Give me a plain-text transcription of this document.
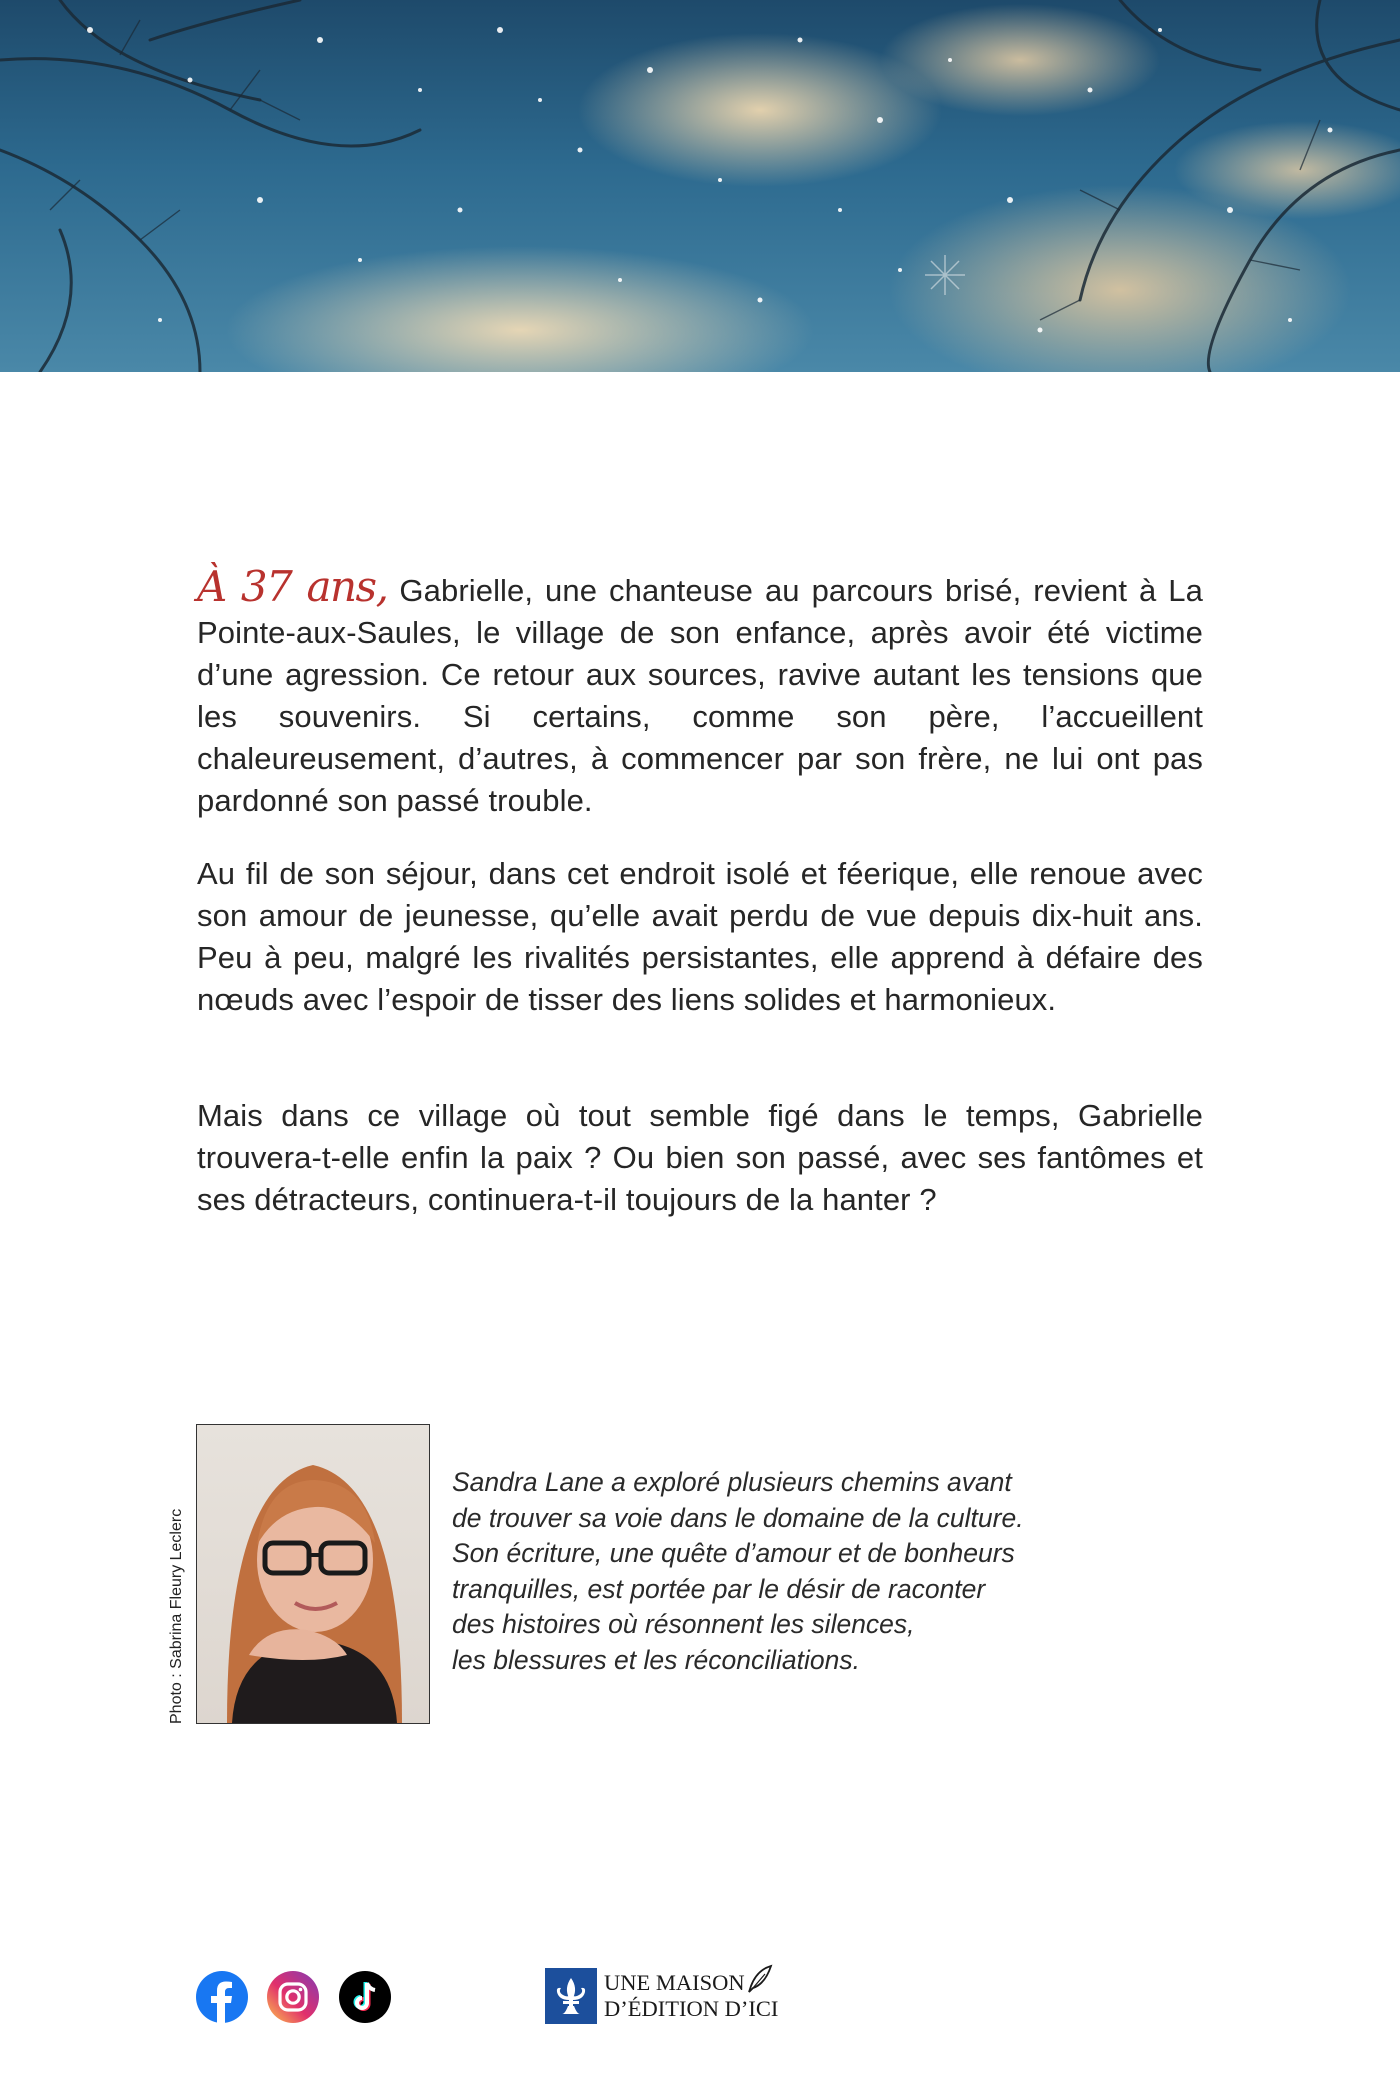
À 37 ans, Gabrielle, une chanteuse au parcours brisé, revient à La Pointe-aux-Saules, le village de son enfance, après avoir été victime d’une agression. Ce retour aux sources, ravive autant les tensions que les souvenirs. Si certains, comme son père, l’accueillent chaleureusement, d’autres, à commencer par son frère, ne lui ont pas pardonné son passé trouble.

Au fil de son séjour, dans cet endroit isolé et féerique, elle renoue avec son amour de jeunesse, qu’elle avait perdu de vue depuis dix-huit ans. Peu à peu, malgré les rivalités persistantes, elle apprend à défaire des nœuds avec l’espoir de tisser des liens solides et harmonieux.

Mais dans ce village où tout semble figé dans le temps, Gabrielle trouvera-t-elle enfin la paix ? Ou bien son passé, avec ses fantômes et ses détracteurs, continuera-t-il toujours de la hanter ?

Photo : Sabrina Fleury Leclerc
Sandra Lane a exploré plusieurs chemins avant
de trouver sa voie dans le domaine de la culture.
Son écriture, une quête d’amour et de bonheurs
tranquilles, est portée par le désir de raconter
des histoires où résonnent les silences,
les blessures et les réconciliations.
UNE MAISON
D’ÉDITION D’ICI
